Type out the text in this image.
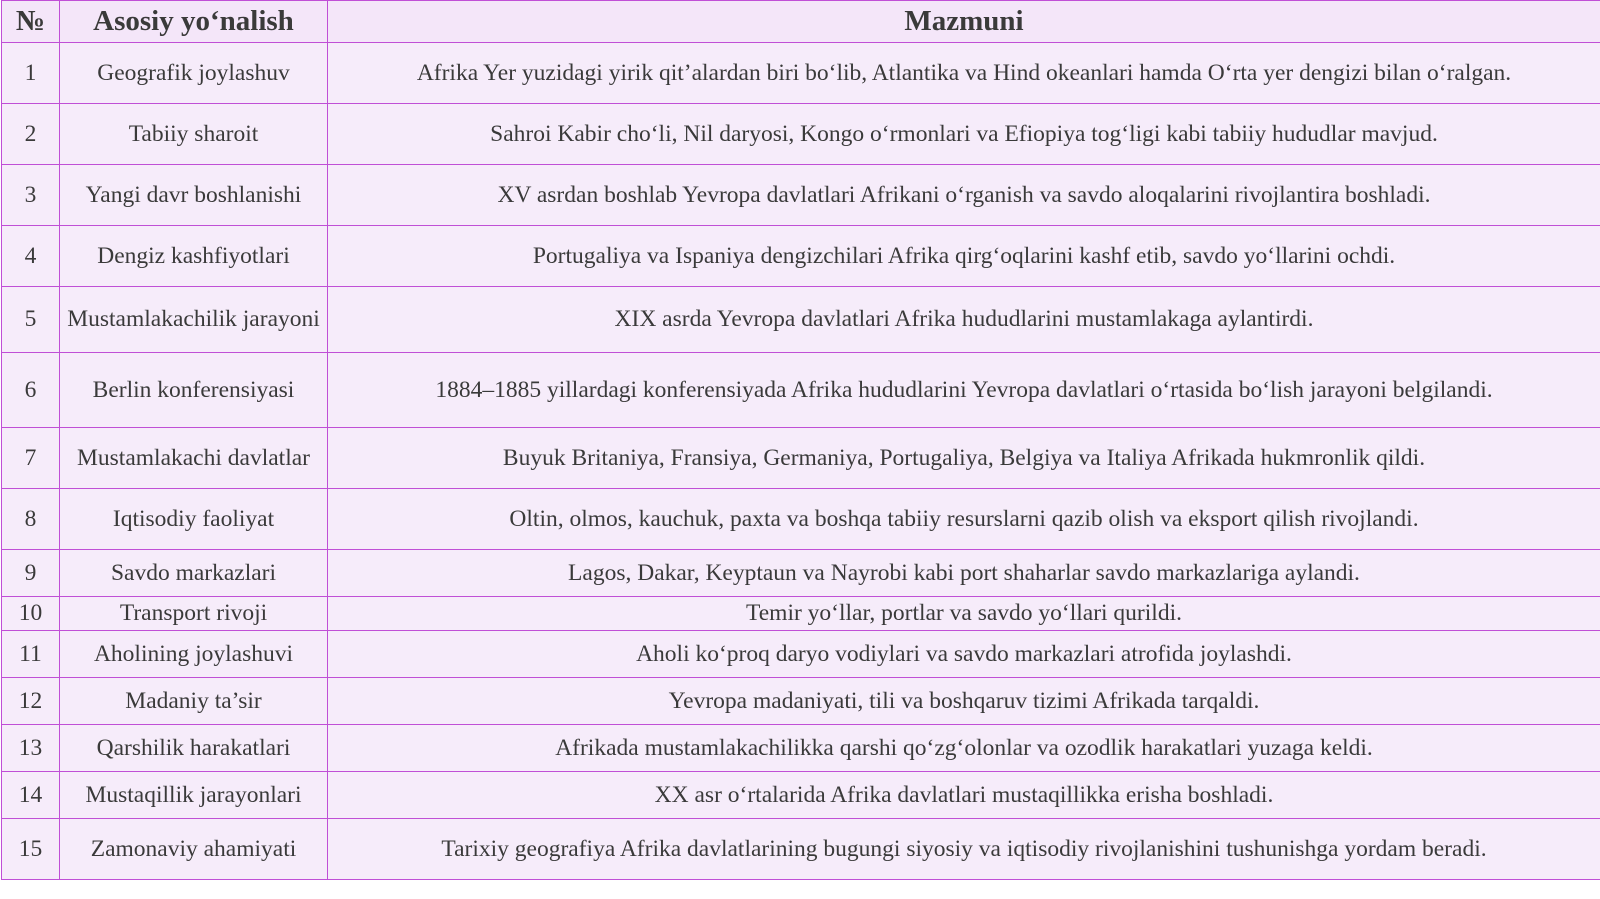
№	Asosiy yo‘nalish	Mazmuni
1	Geografik joylashuv	Afrika Yer yuzidagi yirik qit’alardan biri bo‘lib, Atlantika va Hind okeanlari hamda O‘rta yer dengizi bilan o‘ralgan.
2	Tabiiy sharoit	Sahroi Kabir cho‘li, Nil daryosi, Kongo o‘rmonlari va Efiopiya tog‘ligi kabi tabiiy hududlar mavjud.
3	Yangi davr boshlanishi	XV asrdan boshlab Yevropa davlatlari Afrikani o‘rganish va savdo aloqalarini rivojlantira boshladi.
4	Dengiz kashfiyotlari	Portugaliya va Ispaniya dengizchilari Afrika qirg‘oqlarini kashf etib, savdo yo‘llarini ochdi.
5	Mustamlakachilik jarayoni	XIX asrda Yevropa davlatlari Afrika hududlarini mustamlakaga aylantirdi.
6	Berlin konferensiyasi	1884–1885 yillardagi konferensiyada Afrika hududlarini Yevropa davlatlari o‘rtasida bo‘lish jarayoni belgilandi.
7	Mustamlakachi davlatlar	Buyuk Britaniya, Fransiya, Germaniya, Portugaliya, Belgiya va Italiya Afrikada hukmronlik qildi.
8	Iqtisodiy faoliyat	Oltin, olmos, kauchuk, paxta va boshqa tabiiy resurslarni qazib olish va eksport qilish rivojlandi.
9	Savdo markazlari	Lagos, Dakar, Keyptaun va Nayrobi kabi port shaharlar savdo markazlariga aylandi.
10	Transport rivoji	Temir yo‘llar, portlar va savdo yo‘llari qurildi.
11	Aholining joylashuvi	Aholi ko‘proq daryo vodiylari va savdo markazlari atrofida joylashdi.
12	Madaniy ta’sir	Yevropa madaniyati, tili va boshqaruv tizimi Afrikada tarqaldi.
13	Qarshilik harakatlari	Afrikada mustamlakachilikka qarshi qo‘zg‘olonlar va ozodlik harakatlari yuzaga keldi.
14	Mustaqillik jarayonlari	XX asr o‘rtalarida Afrika davlatlari mustaqillikka erisha boshladi.
15	Zamonaviy ahamiyati	Tarixiy geografiya Afrika davlatlarining bugungi siyosiy va iqtisodiy rivojlanishini tushunishga yordam beradi.
